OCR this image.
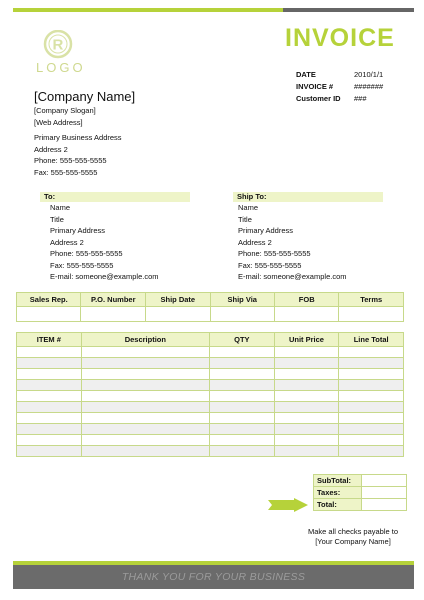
R
LOGO
INVOICE
DATE	2010/1/1
INVOICE #	#######
Customer ID	###
[Company Name]
[Company Slogan]
[Web Address]
Primary Business Address
Address 2
Phone: 555-555-5555
Fax: 555-555-5555
To:
Name
Title
Primary Address
Address 2
Phone: 555-555-5555
Fax: 555-555-5555
E-mail: someone@example.com
Ship To:
Name
Title
Primary Address
Address 2
Phone: 555-555-5555
Fax: 555-555-5555
E-mail: someone@example.com
Sales Rep.	P.O. Number	Ship Date	Ship Via	FOB	Terms

ITEM #	Description	QTY	Unit Price	Line Total

SubTotal:	
Taxes:	
Total:	
Make all checks payable to
[Your Company Name]
THANK YOU FOR YOUR BUSINESS
